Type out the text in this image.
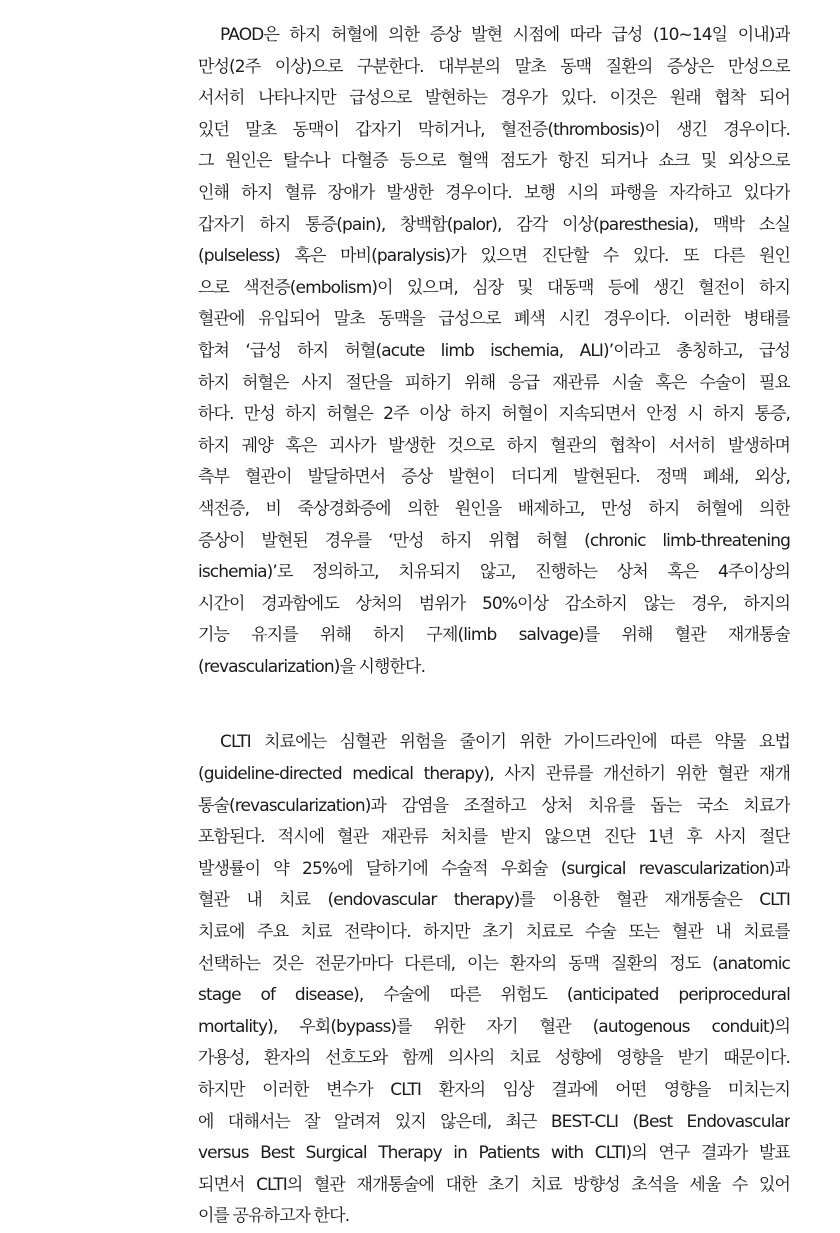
PAOD은 하지 허혈에 의한 증상 발현 시점에 따라 급성 (10~14일 이내)과
만성(2주 이상)으로 구분한다. 대부분의 말초 동맥 질환의 증상은 만성으로
서서히 나타나지만 급성으로 발현하는 경우가 있다. 이것은 원래 협착 되어
있던 말초 동맥이 갑자기 막히거나, 혈전증(thrombosis)이 생긴 경우이다.
그 원인은 탈수나 다혈증 등으로 혈액 점도가 항진 되거나 쇼크 및 외상으로
인해 하지 혈류 장애가 발생한 경우이다. 보행 시의 파행을 자각하고 있다가
갑자기 하지 통증(pain), 창백함(palor), 감각 이상(paresthesia), 맥박 소실
(pulseless) 혹은 마비(paralysis)가 있으면 진단할 수 있다. 또 다른 원인
으로 색전증(embolism)이 있으며, 심장 및 대동맥 등에 생긴 혈전이 하지
혈관에 유입되어 말초 동맥을 급성으로 폐색 시킨 경우이다. 이러한 병태를
합쳐 ‘급성 하지 허혈(acute limb ischemia, ALI)’이라고 총칭하고, 급성
하지 허혈은 사지 절단을 피하기 위해 응급 재관류 시술 혹은 수술이 필요
하다. 만성 하지 허혈은 2주 이상 하지 허혈이 지속되면서 안정 시 하지 통증,
하지 궤양 혹은 괴사가 발생한 것으로 하지 혈관의 협착이 서서히 발생하며
측부 혈관이 발달하면서 증상 발현이 더디게 발현된다. 정맥 폐쇄, 외상,
색전증, 비 죽상경화증에 의한 원인을 배제하고, 만성 하지 허혈에 의한
증상이 발현된 경우를 ‘만성 하지 위협 허혈 (chronic limb-threatening
ischemia)’로 정의하고, 치유되지 않고, 진행하는 상처 혹은 4주이상의
시간이 경과함에도 상처의 범위가 50%이상 감소하지 않는 경우, 하지의
기능 유지를 위해 하지 구제(limb salvage)를 위해 혈관 재개통술
(revascularization)을 시행한다.
CLTI 치료에는 심혈관 위험을 줄이기 위한 가이드라인에 따른 약물 요법
(guideline-directed medical therapy), 사지 관류를 개선하기 위한 혈관 재개
통술(revascularization)과 감염을 조절하고 상처 치유를 돕는 국소 치료가
포함된다. 적시에 혈관 재관류 처치를 받지 않으면 진단 1년 후 사지 절단
발생률이 약 25%에 달하기에 수술적 우회술 (surgical revascularization)과
혈관 내 치료 (endovascular therapy)를 이용한 혈관 재개통술은 CLTI
치료에 주요 치료 전략이다. 하지만 초기 치료로 수술 또는 혈관 내 치료를
선택하는 것은 전문가마다 다른데, 이는 환자의 동맥 질환의 정도 (anatomic
stage of disease), 수술에 따른 위험도 (anticipated periprocedural
mortality), 우회(bypass)를 위한 자기 혈관 (autogenous conduit)의
가용성, 환자의 선호도와 함께 의사의 치료 성향에 영향을 받기 때문이다.
하지만 이러한 변수가 CLTI 환자의 임상 결과에 어떤 영향을 미치는지
에 대해서는 잘 알려져 있지 않은데, 최근 BEST-CLI (Best Endovascular
versus Best Surgical Therapy in Patients with CLTI)의 연구 결과가 발표
되면서 CLTI의 혈관 재개통술에 대한 초기 치료 방향성 초석을 세울 수 있어
이를 공유하고자 한다.
